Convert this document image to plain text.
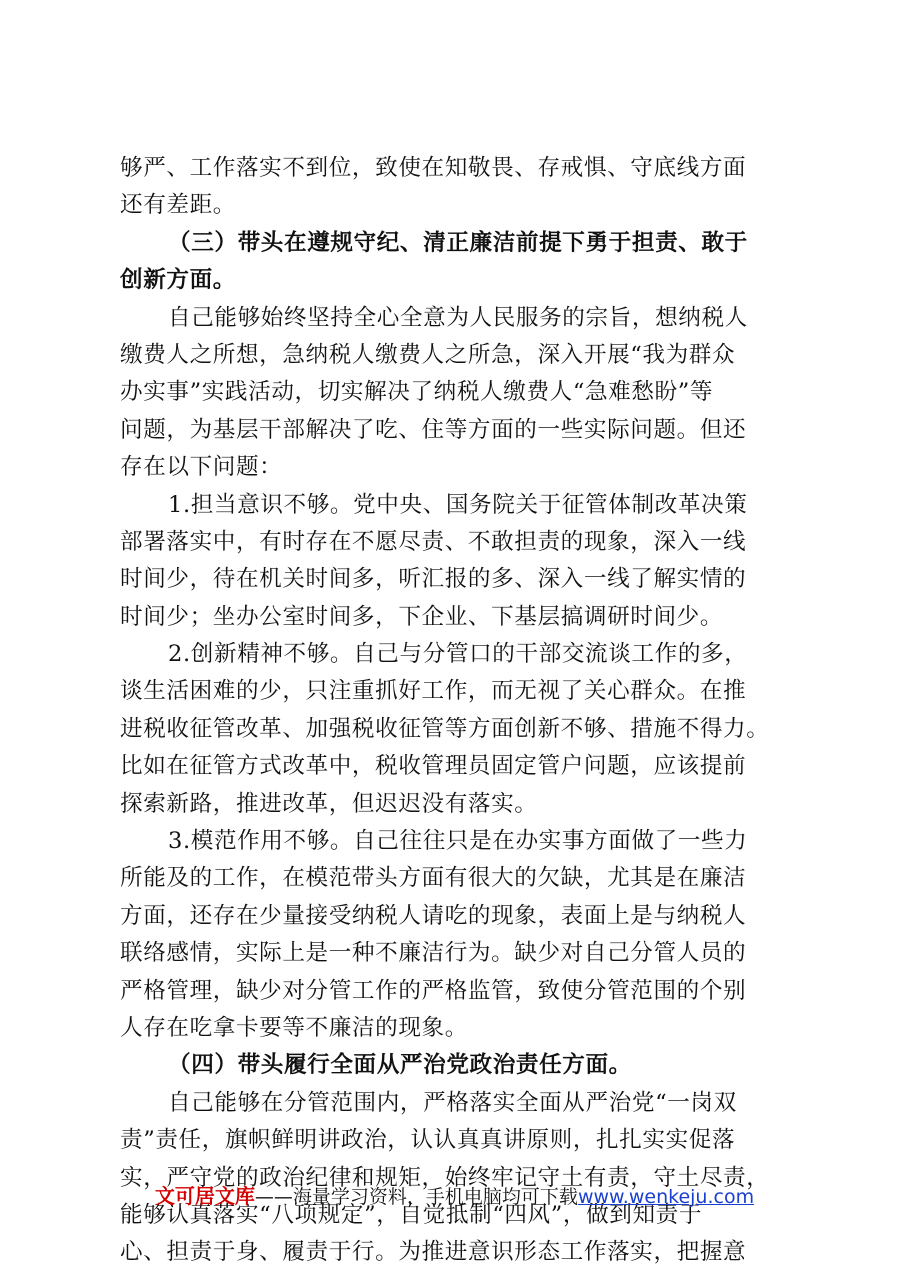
够严、工作落实不到位，致使在知敬畏、存戒惧、守底线方面
还有差距。
（三）带头在遵规守纪、清正廉洁前提下勇于担责、敢于
创新方面。
自己能够始终坚持全心全意为人民服务的宗旨，想纳税人
缴费人之所想，急纳税人缴费人之所急，深入开展“我为群众
办实事”实践活动，切实解决了纳税人缴费人“急难愁盼”等
问题，为基层干部解决了吃、住等方面的一些实际问题。但还
存在以下问题：
1.担当意识不够。党中央、国务院关于征管体制改革决策
部署落实中，有时存在不愿尽责、不敢担责的现象，深入一线
时间少，待在机关时间多，听汇报的多、深入一线了解实情的
时间少；坐办公室时间多，下企业、下基层搞调研时间少。
2.创新精神不够。自己与分管口的干部交流谈工作的多，
谈生活困难的少，只注重抓好工作，而无视了关心群众。在推
进税收征管改革、加强税收征管等方面创新不够、措施不得力。
比如在征管方式改革中，税收管理员固定管户问题，应该提前
探索新路，推进改革，但迟迟没有落实。
3.模范作用不够。自己往往只是在办实事方面做了一些力
所能及的工作，在模范带头方面有很大的欠缺，尤其是在廉洁
方面，还存在少量接受纳税人请吃的现象，表面上是与纳税人
联络感情，实际上是一种不廉洁行为。缺少对自己分管人员的
严格管理，缺少对分管工作的严格监管，致使分管范围的个别
人存在吃拿卡要等不廉洁的现象。
（四）带头履行全面从严治党政治责任方面。
自己能够在分管范围内，严格落实全面从严治党“一岗双
责”责任，旗帜鲜明讲政治，认认真真讲原则，扎扎实实促落
实，严守党的政治纪律和规矩，始终牢记守土有责，守土尽责，
能够认真落实“八项规定”，自觉抵制“四风”，做到知责于
心、担责于身、履责于行。为推进意识形态工作落实，把握意
文可居文库——海量学习资料，手机电脑均可下载www.wenkeju.com
